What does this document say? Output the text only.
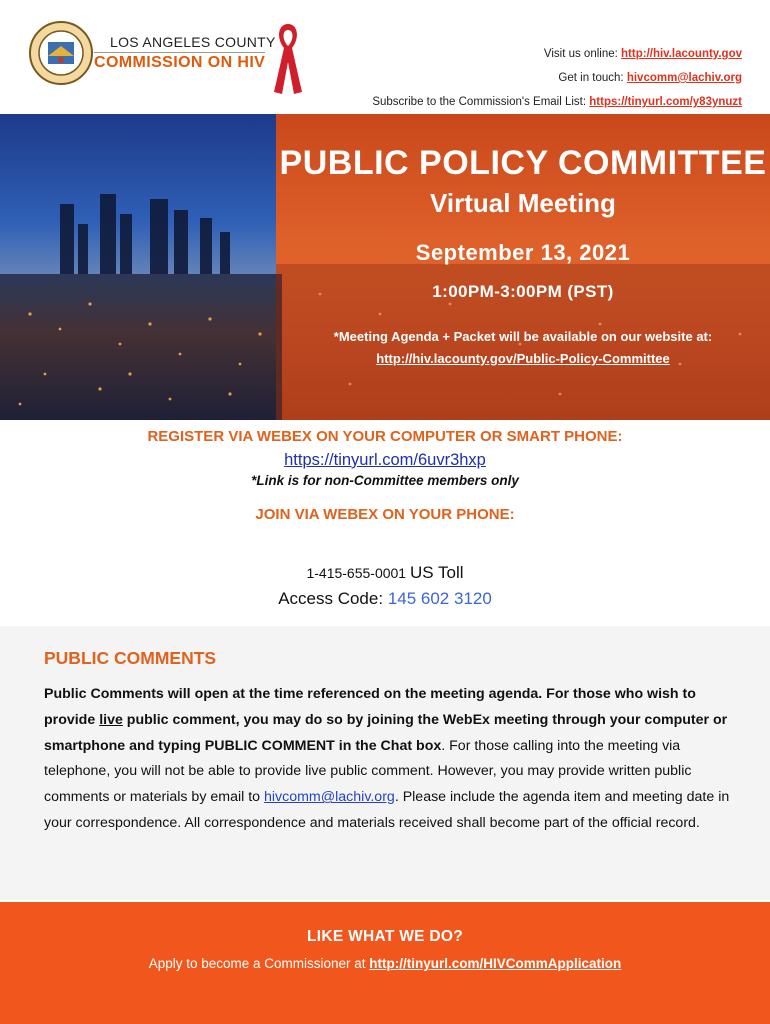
LOS ANGELES COUNTY
COMMISSION ON HIV	Visit us online: http://hiv.lacounty.gov
Get in touch: hivcomm@lachiv.org
Subscribe to the Commission's Email List: https://tinyurl.com/y83ynuzt
PUBLIC POLICY COMMITTEE
Virtual Meeting
September 13, 2021
1:00PM-3:00PM (PST)
*Meeting Agenda + Packet will be available on our website at:
http://hiv.lacounty.gov/Public-Policy-Committee
REGISTER VIA WEBEX ON YOUR COMPUTER OR SMART PHONE:
https://tinyurl.com/6uvr3hxp
*Link is for non-Committee members only
JOIN VIA WEBEX ON YOUR PHONE:
1-415-655-0001 US Toll
Access Code: 145 602 3120
PUBLIC COMMENTS
Public Comments will open at the time referenced on the meeting agenda. For those who wish to provide live public comment, you may do so by joining the WebEx meeting through your computer or smartphone and typing PUBLIC COMMENT in the Chat box. For those calling into the meeting via telephone, you will not be able to provide live public comment. However, you may provide written public comments or materials by email to hivcomm@lachiv.org. Please include the agenda item and meeting date in your correspondence. All correspondence and materials received shall become part of the official record.
LIKE WHAT WE DO?
Apply to become a Commissioner at http://tinyurl.com/HIVCommApplication
